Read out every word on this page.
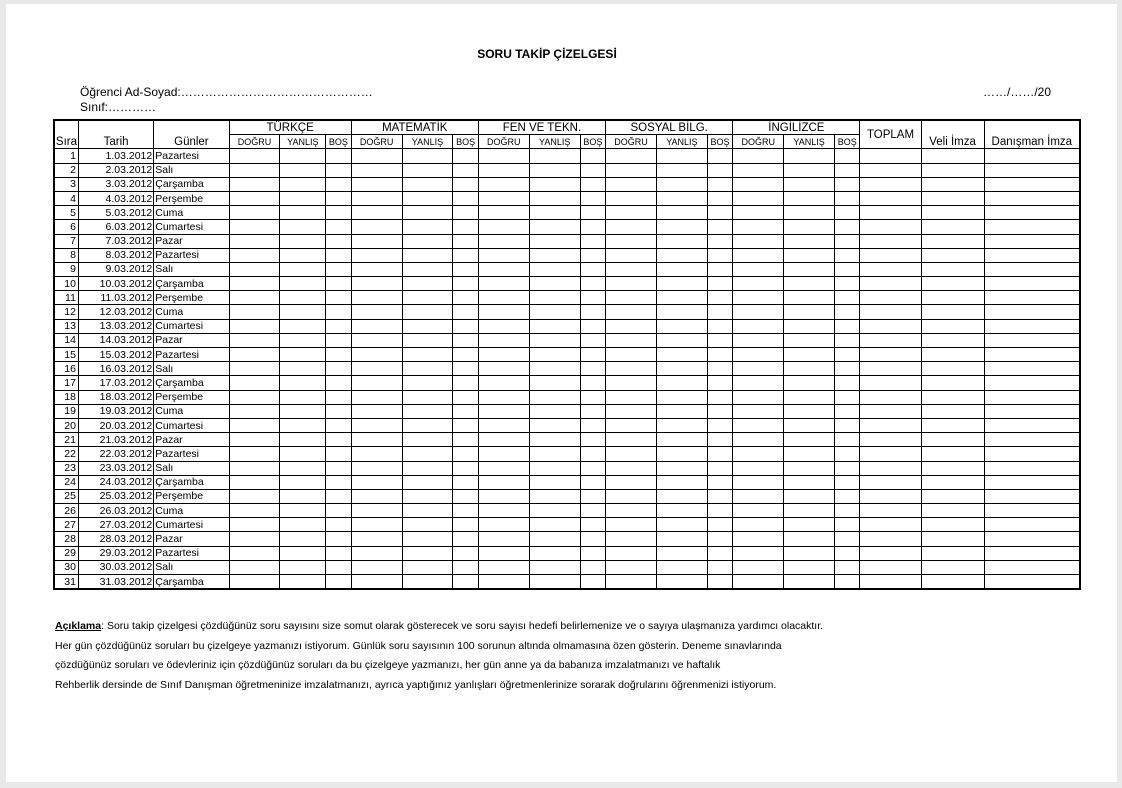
SORU TAKİP ÇİZELGESİ
Öğrenci Ad-Soyad:…………………………………………
Sınıf:…………
……/……/20
Sıra	Tarih	Günler	TÜRKÇE			MATEMATİK			FEN VE TEKN.			SOSYAL BİLG.			İNGİLİZCE			TOPLAM	Veli İmza	Danışman İmza
			DOĞRU	YANLIŞ	BOŞ	DOĞRU	YANLIŞ	BOŞ	DOĞRU	YANLIŞ	BOŞ	DOĞRU	YANLIŞ	BOŞ	DOĞRU	YANLIŞ	BOŞ			
1	1.03.2012	Pazartesi																		
2	2.03.2012	Salı																		
3	3.03.2012	Çarşamba																		
4	4.03.2012	Perşembe																		
5	5.03.2012	Cuma																		
6	6.03.2012	Cumartesi																		
7	7.03.2012	Pazar																		
8	8.03.2012	Pazartesi																		
9	9.03.2012	Salı																		
10	10.03.2012	Çarşamba																		
11	11.03.2012	Perşembe																		
12	12.03.2012	Cuma																		
13	13.03.2012	Cumartesi																		
14	14.03.2012	Pazar																		
15	15.03.2012	Pazartesi																		
16	16.03.2012	Salı																		
17	17.03.2012	Çarşamba																		
18	18.03.2012	Perşembe																		
19	19.03.2012	Cuma																		
20	20.03.2012	Cumartesi																		
21	21.03.2012	Pazar																		
22	22.03.2012	Pazartesi																		
23	23.03.2012	Salı																		
24	24.03.2012	Çarşamba																		
25	25.03.2012	Perşembe																		
26	26.03.2012	Cuma																		
27	27.03.2012	Cumartesi																		
28	28.03.2012	Pazar																		
29	29.03.2012	Pazartesi																		
30	30.03.2012	Salı																		
31	31.03.2012	Çarşamba																		
Açıklama: Soru takip çizelgesi çözdüğünüz soru sayısını size somut olarak gösterecek ve soru sayısı hedefi belirlemenize ve o sayıya ulaşmanıza yardımcı olacaktır.
Her gün çözdüğünüz soruları bu çizelgeye yazmanızı istiyorum. Günlük soru sayısının 100 sorunun altında olmamasına özen gösterin. Deneme sınavlarında
çözdüğünüz soruları ve ödevleriniz için çözdüğünüz soruları da bu çizelgeye yazmanızı, her gün anne ya da babanıza imzalatmanızı ve haftalık
Rehberlik dersinde de Sınıf Danışman öğretmeninize imzalatmanızı, ayrıca yaptığınız yanlışları öğretmenlerinize sorarak doğrularını öğrenmenizi istiyorum.
